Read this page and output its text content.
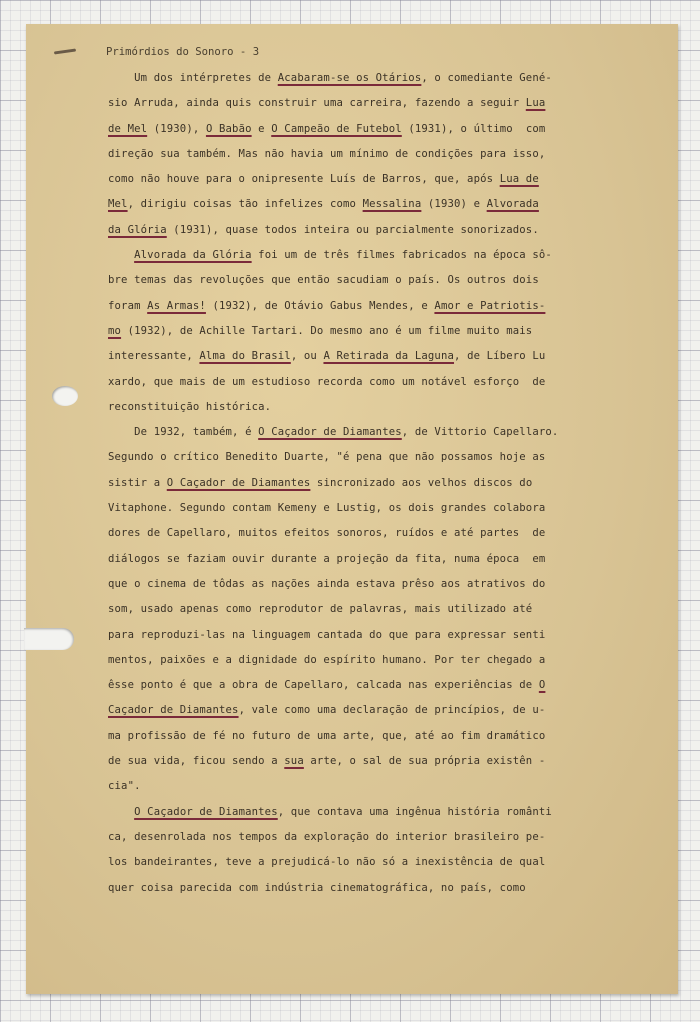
Primórdios do Sonoro - 3
Um dos intérpretes de Acabaram-se os Otários, o comediante Gené-
sio Arruda, ainda quis construir uma carreira, fazendo a seguir Lua
de Mel (1930), O Babão e O Campeão de Futebol (1931), o último  com
direção sua também. Mas não havia um mínimo de condições para isso,
como não houve para o onipresente Luís de Barros, que, após Lua de
Mel, dirigiu coisas tão infelizes como Messalina (1930) e Alvorada
da Glória (1931), quase todos inteira ou parcialmente sonorizados.
Alvorada da Glória foi um de três filmes fabricados na época sô-
bre temas das revoluções que então sacudiam o país. Os outros dois
foram As Armas! (1932), de Otávio Gabus Mendes, e Amor e Patriotis-
mo (1932), de Achille Tartari. Do mesmo ano é um filme muito mais
interessante, Alma do Brasil, ou A Retirada da Laguna, de Líbero Lu
xardo, que mais de um estudioso recorda como um notável esforço  de
reconstituição histórica.
De 1932, também, é O Caçador de Diamantes, de Vittorio Capellaro.
Segundo o crítico Benedito Duarte, "é pena que não possamos hoje as
sistir a O Caçador de Diamantes sincronizado aos velhos discos do
Vitaphone. Segundo contam Kemeny e Lustig, os dois grandes colabora
dores de Capellaro, muitos efeitos sonoros, ruídos e até partes  de
diálogos se faziam ouvir durante a projeção da fita, numa época  em
que o cinema de tôdas as nações ainda estava prêso aos atrativos do
som, usado apenas como reprodutor de palavras, mais utilizado até
para reproduzi-las na linguagem cantada do que para expressar senti
mentos, paixões e a dignidade do espírito humano. Por ter chegado a
êsse ponto é que a obra de Capellaro, calcada nas experiências de O
Caçador de Diamantes, vale como uma declaração de princípios, de u-
ma profissão de fé no futuro de uma arte, que, até ao fim dramático
de sua vida, ficou sendo a sua arte, o sal de sua própria existên -
cia".
O Caçador de Diamantes, que contava uma ingênua história românti
ca, desenrolada nos tempos da exploração do interior brasileiro pe-
los bandeirantes, teve a prejudicá-lo não só a inexistência de qual
quer coisa parecida com indústria cinematográfica, no país, como
